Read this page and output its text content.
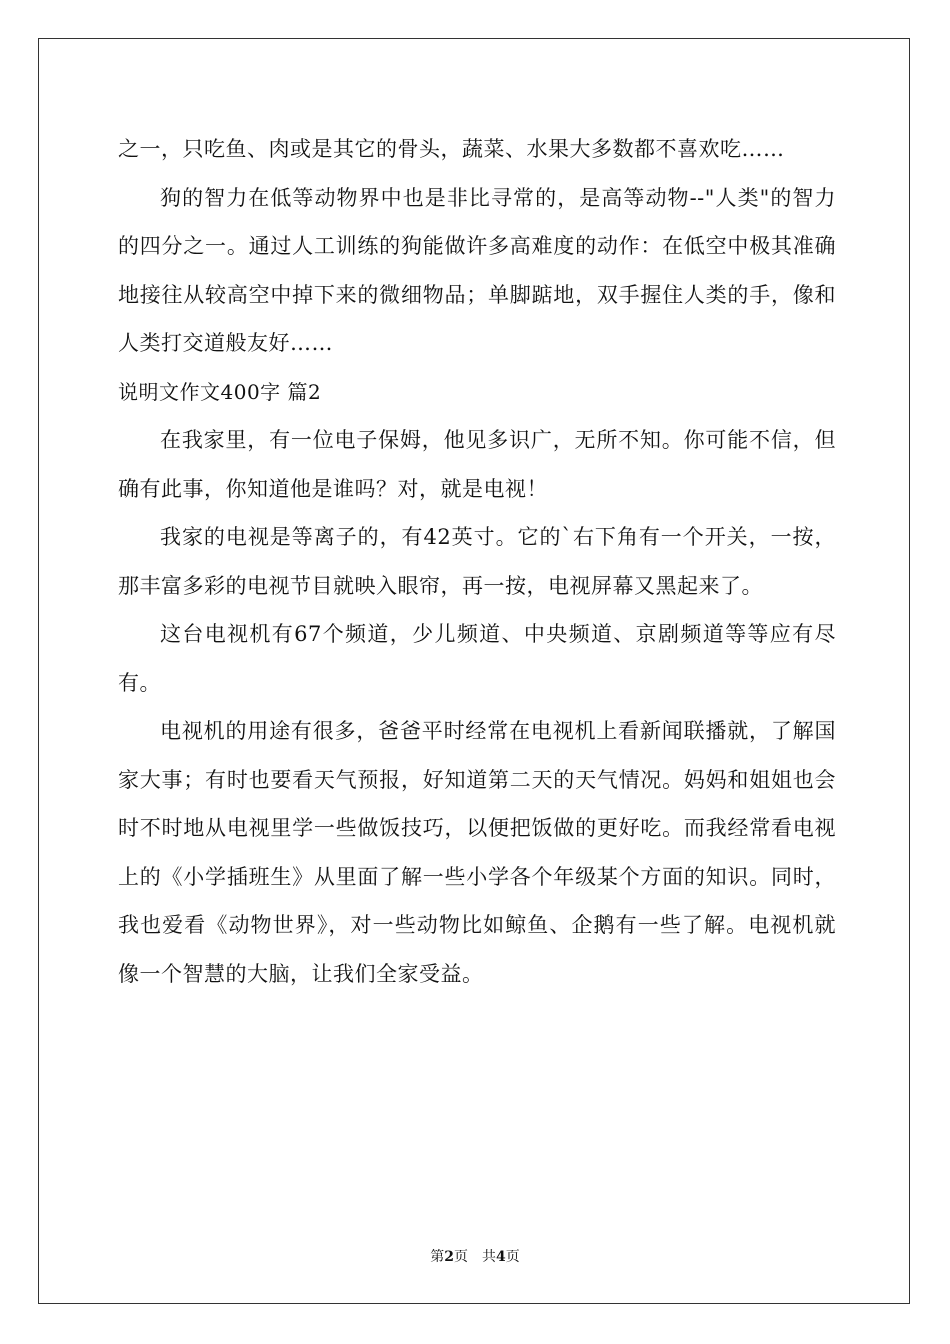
之一，只吃鱼、肉或是其它的骨头，蔬菜、水果大多数都不喜欢吃……

狗的智力在低等动物界中也是非比寻常的，是高等动物--"人类"的智力的四分之一。通过人工训练的狗能做许多高难度的动作：在低空中极其准确地接往从较高空中掉下来的微细物品；单脚踮地，双手握住人类的手，像和人类打交道般友好……

说明文作文400字 篇2

在我家里，有一位电子保姆，他见多识广，无所不知。你可能不信，但确有此事，你知道他是谁吗？对，就是电视！

我家的电视是等离子的，有42英寸。它的`右下角有一个开关，一按，那丰富多彩的电视节目就映入眼帘，再一按，电视屏幕又黑起来了。

这台电视机有67个频道，少儿频道、中央频道、京剧频道等等应有尽有。

电视机的用途有很多，爸爸平时经常在电视机上看新闻联播就，了解国家大事；有时也要看天气预报，好知道第二天的天气情况。妈妈和姐姐也会时不时地从电视里学一些做饭技巧，以便把饭做的更好吃。而我经常看电视上的《小学插班生》从里面了解一些小学各个年级某个方面的知识。同时，我也爱看《动物世界》，对一些动物比如鲸鱼、企鹅有一些了解。电视机就像一个智慧的大脑，让我们全家受益。

第2页 共4页
